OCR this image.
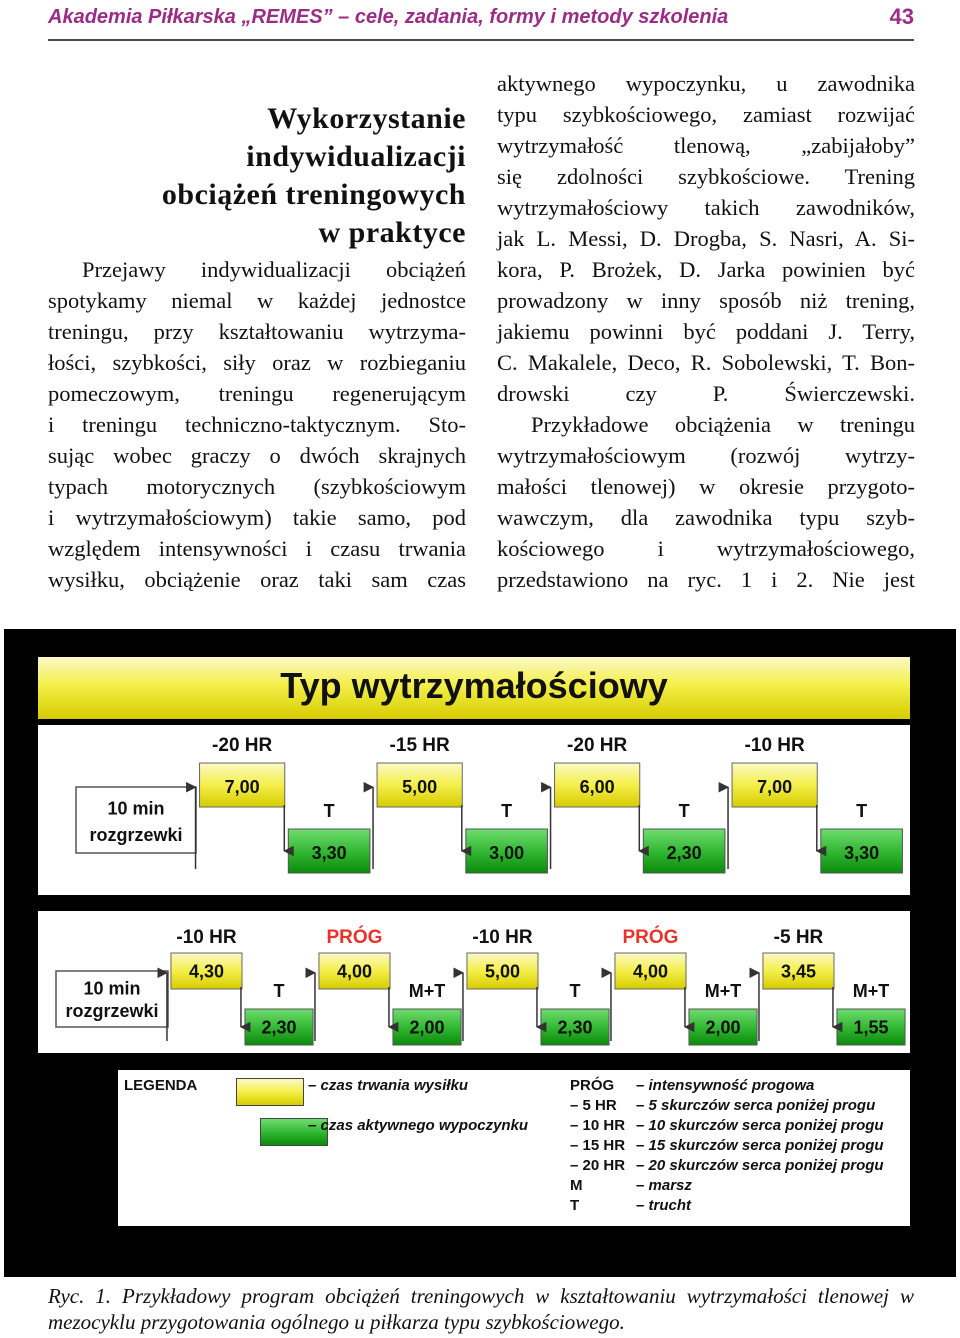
Akademia Piłkarska „REMES” – cele, zadania, formy i metody szkolenia	43
Wykorzystanie
indywidualizacji
obciążeń treningowych
w praktyce
Przejawy indywidualizacji obciążeń
spotykamy niemal w każdej jednostce
treningu, przy kształtowaniu wytrzyma-
łości, szybkości, siły oraz w rozbieganiu
pomeczowym, treningu regenerującym
i treningu techniczno-taktycznym. Sto-
sując wobec graczy o dwóch skrajnych
typach motorycznych (szybkościowym
i wytrzymałościowym) takie samo, pod
względem intensywności i czasu trwania
wysiłku, obciążenie oraz taki sam czas
aktywnego wypoczynku, u zawodnika
typu szybkościowego, zamiast rozwijać
wytrzymałość tlenową, „zabijałoby”
się zdolności szybkościowe. Trening
wytrzymałościowy takich zawodników,
jak L. Messi, D. Drogba, S. Nasri, A. Si-
kora, P. Brożek, D. Jarka powinien być
prowadzony w inny sposób niż trening,
jakiemu powinni być poddani J. Terry,
C. Makalele, Deco, R. Sobolewski, T. Bon-
drowski czy P. Świerczewski.
Przykładowe obciążenia w treningu
wytrzymałościowym (rozwój wytrzy-
małości tlenowej) w okresie przygoto-
wawczym, dla zawodnika typu szyb-
kościowego i wytrzymałościowego,
przedstawiono na ryc. 1 i 2. Nie jest
Typ wytrzymałościowy
10 min
rozgrzewki
-20 HR
7,00
3,30
T
-15 HR
5,00
3,00
T
-20 HR
6,00
2,30
T
-10 HR
7,00
3,30
T
10 min
rozgrzewki
-10 HR
4,30
2,30
T
PRÓG
4,00
2,00
M+T
-10 HR
5,00
2,30
T
PRÓG
4,00
2,00
M+T
-5 HR
3,45
1,55
M+T
LEGENDA	– czas trwania wysiłku
– czas aktywnego wypoczynku
PRÓG – intensywność progowa
– 5 HR – 5 skurczów serca poniżej progu
– 10 HR – 10 skurczów serca poniżej progu
– 15 HR – 15 skurczów serca poniżej progu
– 20 HR – 20 skurczów serca poniżej progu
M	– marsz
T	– trucht
Ryc. 1. Przykładowy program obciążeń treningowych w kształtowaniu wytrzymałości tlenowej w mezocyklu przygotowania ogólnego u piłkarza typu szybkościowego.
